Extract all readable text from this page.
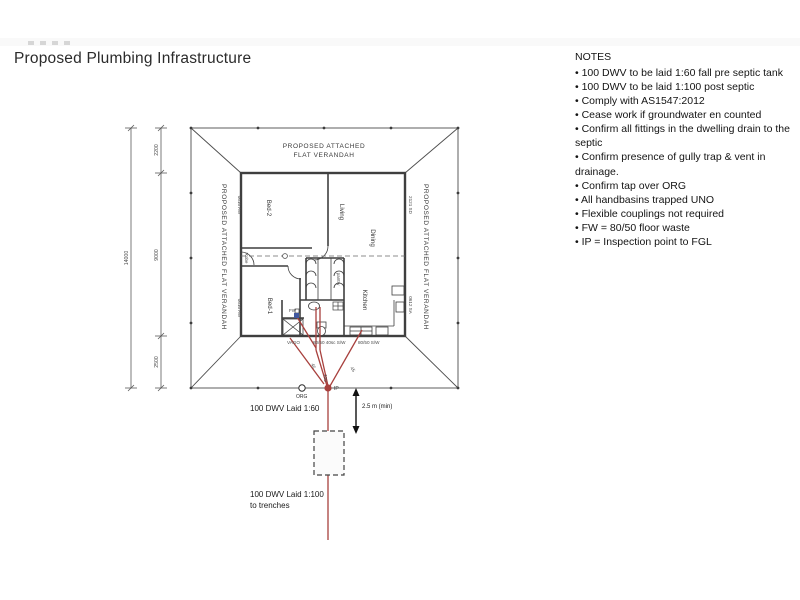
Proposed Plumbing Infrastructure	NOTES
• 100 DWV to be laid 1:60 fall pre septic tank
• 100 DWV to be laid 1:100 post septic
• Comply with AS1547:2012
• Cease work if groundwater en counted
• Confirm all fittings in the dwelling drain to the septic
• Confirm presence of gully trap & vent in drainage.
• Confirm tap over ORG
• All handbasins trapped UNO
• Flexible couplings not required
• FW = 80/50 floor waste
• IP = Inspection point to FGL
14000
2200
9000
2500
PROPOSED ATTACHED
FLAT VERANDAH
PROPOSED ATTACHED FLAT VERANDAH	PROPOSED ATTACHED FLAT VERANDAH
Bed-2	Living
Dining
Bed-1	Kitchen
pantry
Robe
FW
0616 AW
0616 AW
2121 SD
0612 SA
ORG
IP
45
100
45
VAGO	80/50 40sc S/W	80/50 S/W
100 DWV Laid 1:60
100 DWV Laid 1:100
to trenches
2.5 m (min)
